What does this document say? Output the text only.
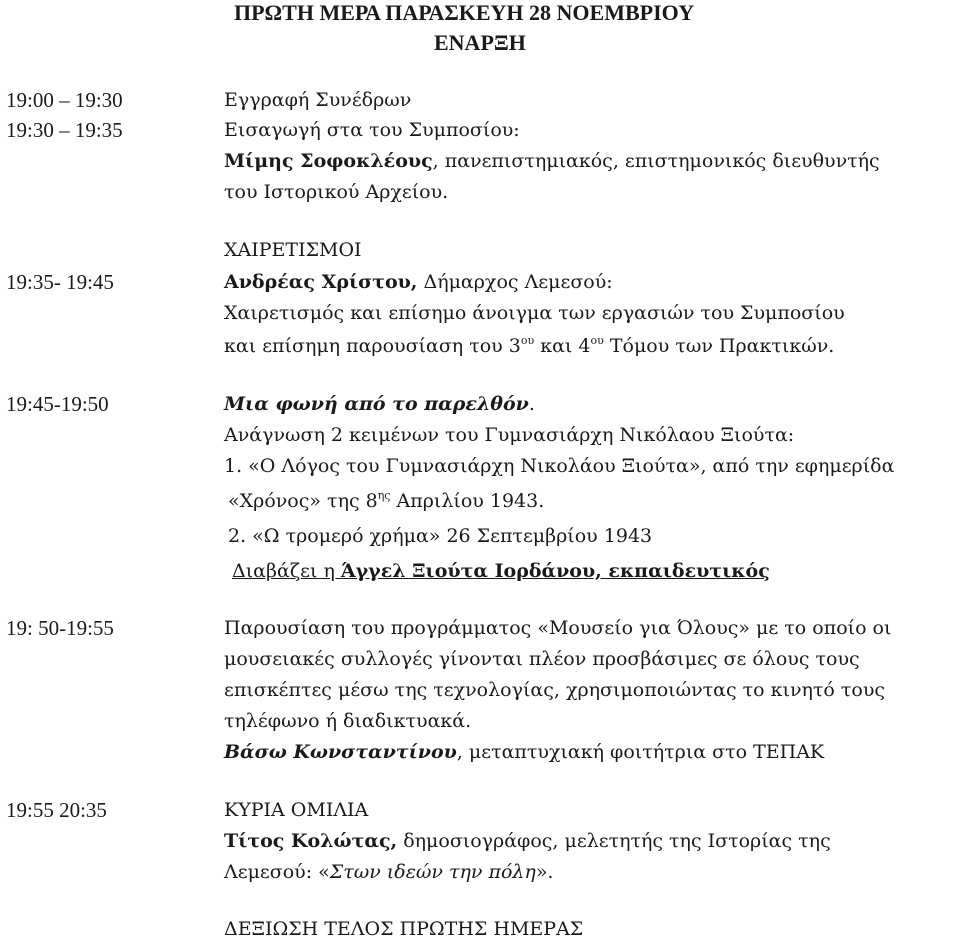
ΠΡΩΤΗ ΜΕΡΑ ΠΑΡΑΣΚΕΥΗ 28 ΝΟΕΜΒΡΙΟΥ
ΕΝΑΡΞΗ
19:00 – 19:30	Εγγραφή Συνέδρων
19:30 – 19:35	Εισαγωγή στα του Συμποσίου:
Μίμης Σοφοκλέους, πανεπιστημιακός, επιστημονικός διευθυντής
του Ιστορικού Αρχείου.
ΧΑΙΡΕΤΙΣΜΟΙ
19:35- 19:45	Ανδρέας Χρίστου, Δήμαρχος Λεμεσού:
Χαιρετισμός και επίσημο άνοιγμα των εργασιών του Συμποσίου
και επίσημη παρουσίαση του $3^{o\upsilon}$ και $4^{o\upsilon}$ Τόμου των Πρακτικών.
19:45-19:50	Μια φωνή από το παρελθόν.
Ανάγνωση 2 κειμένων του Γυμνασιάρχη Νικόλαου Ξιούτα:
1. «Ο Λόγος του Γυμνασιάρχη Νικολάου Ξιούτα», από την εφημερίδα
«Χρόνος» της $8^{\eta\varsigma}$ Απριλίου 1943.
2. «Ω τρομερό χρήμα» 26 Σεπτεμβρίου 1943
Διαβάζει η Άγγελ Ξιούτα Ιορδάνου, εκπαιδευτικός
19: 50-19:55	Παρουσίαση του προγράμματος «Μουσείο για Όλους» με το οποίο οι
μουσειακές συλλογές γίνονται πλέον προσβάσιμες σε όλους τους
επισκέπτες μέσω της τεχνολογίας, χρησιμοποιώντας το κινητό τους
τηλέφωνο ή διαδικτυακά.
Βάσω Κωνσταντίνου, μεταπτυχιακή φοιτήτρια στο ΤΕΠΑΚ
19:55 20:35	ΚΥΡΙΑ ΟΜΙΛΙΑ
Τίτος Κολώτας, δημοσιογράφος, μελετητής της Ιστορίας της
Λεμεσού: «Στων ιδεών την πόλη».
ΔΕΞΙΩΣΗ ΤΕΛΟΣ ΠΡΩΤΗΣ ΗΜΕΡΑΣ
